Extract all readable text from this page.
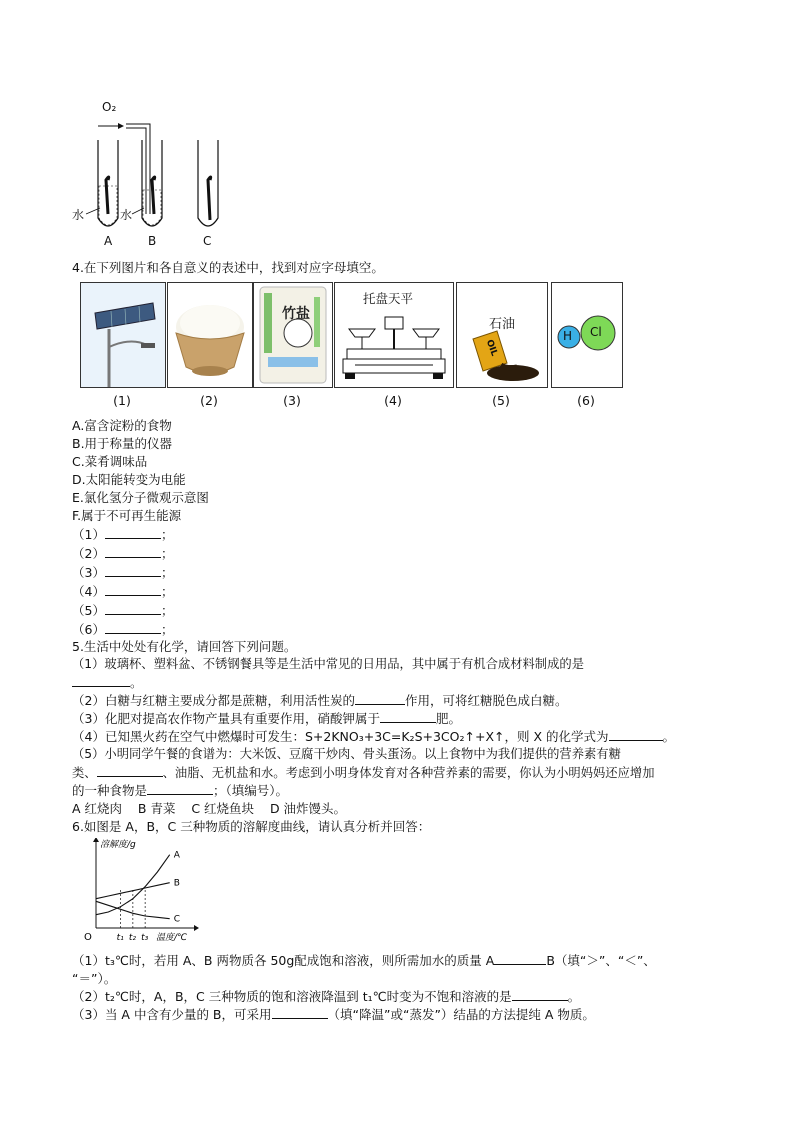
O₂
水	水
A	B	C
4.在下列图片和各自意义的表述中，找到对应字母填空。
竹盐
托盘天平
石油
OIL
H Cl
(1)	(2)	(3)	(4)	(5)	(6)
A.富含淀粉的食物
B.用于称量的仪器
C.菜肴调味品
D.太阳能转变为电能
E.氯化氢分子微观示意图
F.属于不可再生能源
（1）	；
（2）	；
（3）	；
（4）	；
（5）	；
（6）	；
5.生活中处处有化学，请回答下列问题。
（1）玻璃杯、塑料盆、不锈钢餐具等是生活中常见的日用品，其中属于有机合成材料制成的是
。
（2）白糖与红糖主要成分都是蔗糖，利用活性炭的	作用，可将红糖脱色成白糖。
（3）化肥对提高农作物产量具有重要作用，硝酸钾属于	肥。
（4）已知黑火药在空气中燃爆时可发生：S+2KNO₃+3C=K₂S+3CO₂↑+X↑，则 X 的化学式为	。
（5）小明同学午餐的食谱为：大米饭、豆腐干炒肉、骨头蛋汤。以上食物中为我们提供的营养素有糖
类、	、油脂、无机盐和水。考虑到小明身体发育对各种营养素的需要，你认为小明妈妈还应增加
的一种食物是	；（填编号）。
A 红烧肉    B 青菜    C 红烧鱼块    D 油炸馒头。
6.如图是 A，B，C 三种物质的溶解度曲线，请认真分析并回答：
溶解度/g
温度/℃
O	t₁ t₂ t₃
A
B
C
（1）t₃℃时，若用 A、B 两物质各 50g配成饱和溶液，则所需加水的质量 A	B（填“＞”、“＜”、
“＝”）。
（2）t₂℃时，A，B，C 三种物质的饱和溶液降温到 t₁℃时变为不饱和溶液的是	。
（3）当 A 中含有少量的 B，可采用	（填“降温”或“蒸发”）结晶的方法提纯 A 物质。
